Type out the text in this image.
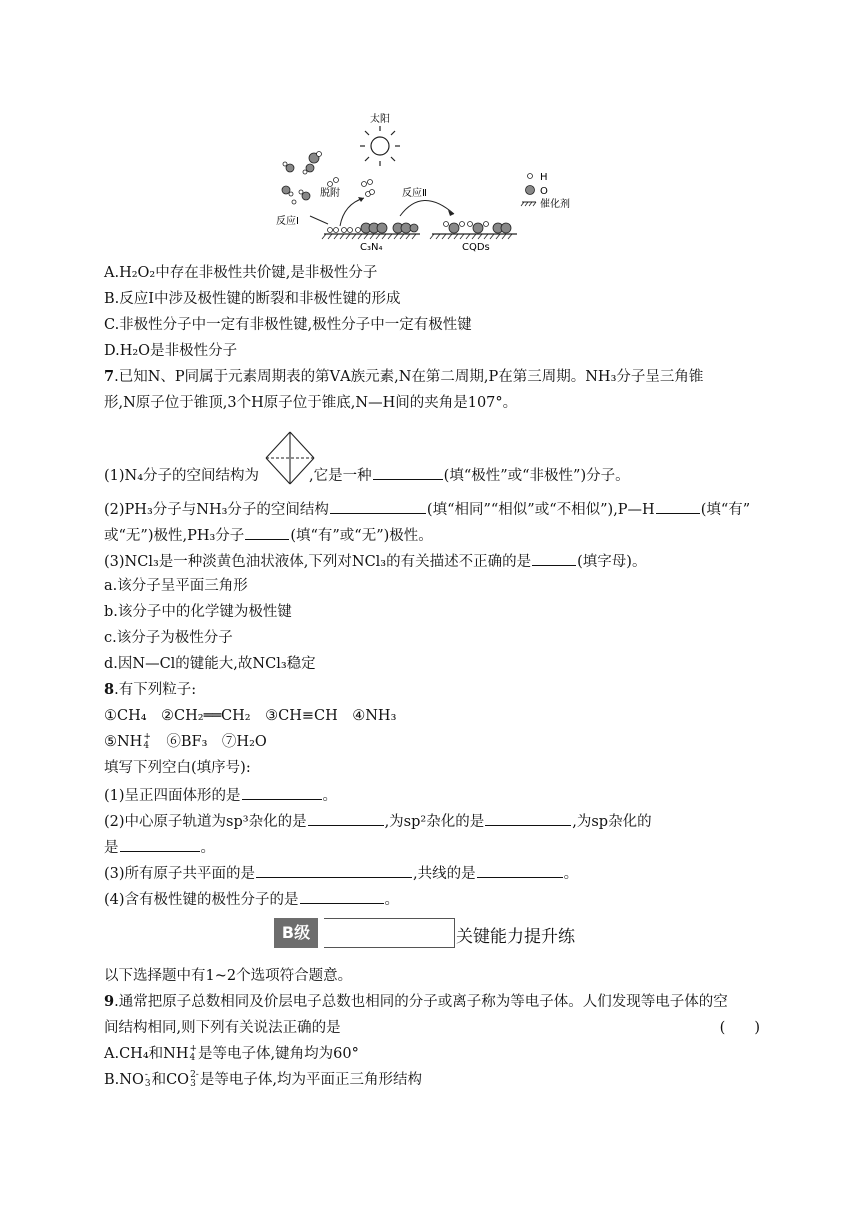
太阳
脱附
反应Ⅰ
C₃N₄
反应Ⅱ
CQDs
H
O
催化剂
A.H₂O₂中存在非极性共价键,是非极性分子
B.反应Ⅰ中涉及极性键的断裂和非极性键的形成
C.非极性分子中一定有非极性键,极性分子中一定有极性键
D.H₂O是非极性分子
7.已知N、P同属于元素周期表的第ⅤA族元素,N在第二周期,P在第三周期。NH₃分子呈三角锥
形,N原子位于锥顶,3个H原子位于锥底,N—H间的夹角是107°。
(1)N₄分子的空间结构为	,它是一种	(填“极性”或“非极性”)分子。
(2)PH₃分子与NH₃分子的空间结构	(填“相同”“相似”或“不相似”),P—H	(填“有”
或“无”)极性,PH₃分子	(填“有”或“无”)极性。
(3)NCl₃是一种淡黄色油状液体,下列对NCl₃的有关描述不正确的是	(填字母)。
a.该分子呈平面三角形
b.该分子中的化学键为极性键
c.该分子为极性分子
d.因N—Cl的键能大,故NCl₃稳定
8.有下列粒子:
①CH₄　②CH₂══CH₂　③CH≡CH　④NH₃
⑤NH +
4 　⑥BF₃　⑦H₂O
填写下列空白(填序号):
(1)呈正四面体形的是	。
(2)中心原子轨道为sp³杂化的是	,为sp²杂化的是	,为sp杂化的
是	。
(3)所有原子共平面的是	,共线的是	。
(4)含有极性键的极性分子的是	。
B级	关键能力提升练
以下选择题中有1~2个选项符合题意。
9.通常把原子总数相同及价层电子总数也相同的分子或离子称为等电子体。人们发现等电子体的空
间结构相同,则下列有关说法正确的是	(　　)
A.CH₄和NH +
4 是等电子体,键角均为60°
B.NO -
3 和CO 2-
3 是等电子体,均为平面正三角形结构
